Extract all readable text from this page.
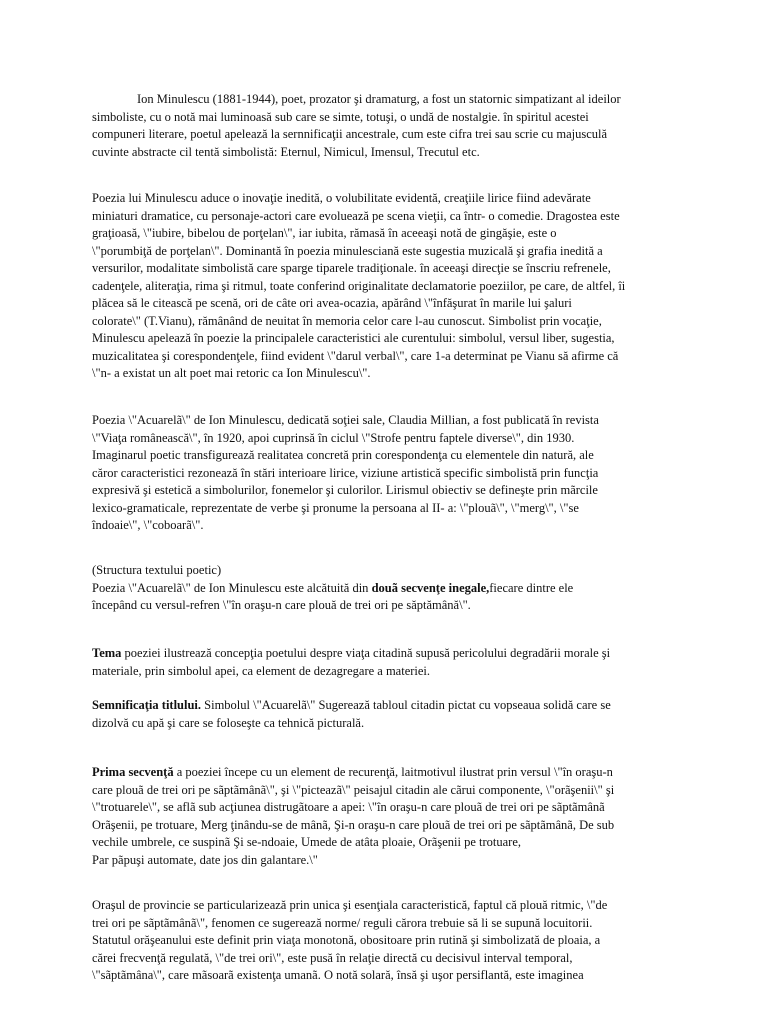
Ion Minulescu (1881-1944), poet, prozator şi dramaturg, a fost un statornic simpatizant al ideilor
simboliste, cu o notă mai luminoasă sub care se simte, totuşi, o undă de nostalgie. în spiritul acestei
compuneri literare, poetul apelează la sernnificaţii ancestrale, cum este cifra trei sau scrie cu majusculă
cuvinte abstracte cil tentă simbolistă: Eternul, Nimicul, Imensul, Trecutul etc.
Poezia lui Minulescu aduce o inovaţie inedită, o volubilitate evidentă, creaţiile lirice fiind adevărate
miniaturi dramatice, cu personaje-actori care evoluează pe scena vieţii, ca într- o comedie. Dragostea este
graţioasă, \"iubire, bibelou de porţelan\", iar iubita, rămasă în aceeaşi notă de gingăşie, este o
\"porumbiţă de porţelan\". Dominantă în poezia minulesciană este sugestia muzicală şi grafia inedită a
versurilor, modalitate simbolistă care sparge tiparele tradiţionale. în aceeaşi direcţie se înscriu refrenele,
cadenţele, aliteraţia, rima şi ritmul, toate conferind originalitate declamatorie poeziilor, pe care, de altfel, îi
plăcea să le citească pe scenă, ori de câte ori avea-ocazia, apărând \"înfăşurat în marile lui şaluri
colorate\" (T.Vianu), rămânând de neuitat în memoria celor care l-au cunoscut. Simbolist prin vocaţie,
Minulescu apelează în poezie la principalele caracteristici ale curentului: simbolul, versul liber, sugestia,
muzicalitatea şi corespondenţele, fiind evident \"darul verbal\", care 1-a determinat pe Vianu să afirme că
\"n- a existat un alt poet mai retoric ca Ion Minulescu\".
Poezia \"Acuarelã\" de Ion Minulescu, dedicată soţiei sale, Claudia Millian, a fost publicată în revista
\"Viaţa românească\", în 1920, apoi cuprinsă în ciclul \"Strofe pentru faptele diverse\", din 1930.
Imaginarul poetic transfigurează realitatea concretă prin corespondenţa cu elementele din natură, ale
căror caracteristici rezonează în stări interioare lirice, viziune artistică specific simbolistă prin funcţia
expresivă şi estetică a simbolurilor, fonemelor şi culorilor. Lirismul obiectiv se defineşte prin mãrcile
lexico-gramaticale, reprezentate de verbe şi pronume la persoana al II- a: \"plouã\", \"merg\", \"se
îndoaie\", \"coboarã\".
(Structura textului poetic)
Poezia \"Acuarelã\" de Ion Minulescu este alcătuită din douã secvenţe inegale,fiecare dintre ele
începând cu versul-refren \"în oraşu-n care plouă de trei ori pe săptămână\".
Tema poeziei ilustrează concepţia poetului despre viaţa citadină supusă pericolului degradării morale şi
materiale, prin simbolul apei, ca element de dezagregare a materiei.
Semnificaţia titlului. Simbolul \"Acuarelã\" Sugerează tabloul citadin pictat cu vopseaua solidă care se
dizolvă cu apă şi care se foloseşte ca tehnică picturală.
Prima secvenţă a poeziei începe cu un element de recurenţă, laitmotivul ilustrat prin versul \"în oraşu-n
care plouã de trei ori pe sãptãmânã\", şi \"picteazã\" peisajul citadin ale cãrui componente, \"orãşenii\" şi
\"trotuarele\", se aflã sub acţiunea distrugãtoare a apei: \"în oraşu-n care plouã de trei ori pe sãptãmânã
Orãşenii, pe trotuare, Merg ţinându-se de mânã, Şi-n oraşu-n care plouã de trei ori pe sãptãmânã, De sub
vechile umbrele, ce suspinã Şi se-ndoaie, Umede de atâta ploaie, Orãşenii pe trotuare,
Par pãpuşi automate, date jos din galantare.\"
Oraşul de provincie se particularizează prin unica şi esenţiala caracteristică, faptul că plouă ritmic, \"de
trei ori pe sãptãmânã\", fenomen ce sugerează norme/ reguli cărora trebuie să li se supună locuitorii.
Statutul orăşeanului este definit prin viaţa monotonă, obositoare prin rutină şi simbolizată de ploaia, a
cărei frecvenţă regulată, \"de trei ori\", este pusă în relaţie directă cu decisivul interval temporal,
\"sãptãmâna\", care mãsoarã existenţa umanã. O notă solară, însă şi uşor persiflantă, este imaginea
